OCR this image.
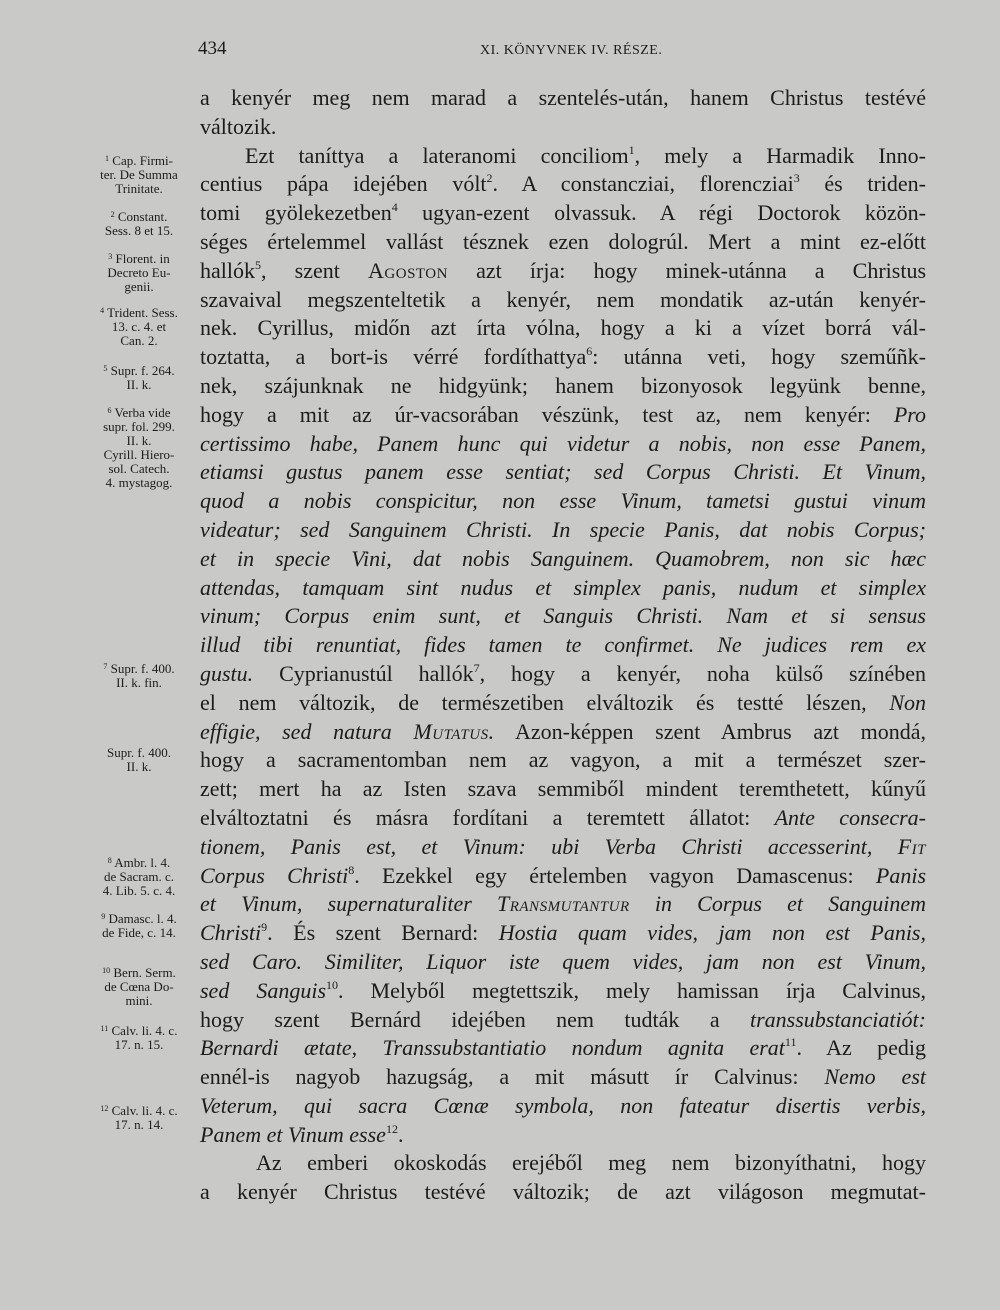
434	XI. KÖNYVNEK IV. RÉSZE.
$^1$ Cap. Firmi-
ter. De Summa
Trinitate.
$^2$ Constant.
Sess. 8 et 15.
$^3$ Florent. in
Decreto Eu-
genii.
$^4$ Trident. Sess.
13. c. 4. et
Can. 2.
$^5$ Supr. f. 264.
II. k.
$^6$ Verba vide
supr. fol. 299.
II. k.
Cyrill. Hiero-
sol. Catech.
4. mystagog.
$^7$ Supr. f. 400.
II. k. fin.
Supr. f. 400.
II. k.
$^8$ Ambr. l. 4.
de Sacram. c.
4. Lib. 5. c. 4.
$^9$ Damasc. l. 4.
de Fide, c. 14.
$^{10}$ Bern. Serm.
de Cœna Do-
mini.
$^{11}$ Calv. li. 4. c.
17. n. 15.
$^{12}$ Calv. li. 4. c.
17. n. 14.
a kenyér meg nem marad a szentelés-után, hanem Christus testévé
változik.
Ezt taníttya a lateranomi conciliom$^1$, mely a Harmadik Inno-
centius pápa idejében vólt$^2$. A constancziai, florencziai$^3$ és triden-
tomi gyölekezetben$^4$ ugyan-ezent olvassuk. A régi Doctorok közön-
séges értelemmel vallást tésznek ezen dologrúl. Mert a mint ez-előtt
hallók$^5$, szent Agoston azt írja: hogy minek-utánna a Christus
szavaival megszenteltetik a kenyér, nem mondatik az-után kenyér-
nek. Cyrillus, midőn azt írta vólna, hogy a ki a vízet borrá vál-
toztatta, a bort-is vérré fordíthattya$^6$: utánna veti, hogy szeműñk-
nek, szájunknak ne hidgyünk; hanem bizonyosok legyünk benne,
hogy a mit az úr-vacsorában vészünk, test az, nem kenyér: Pro
certissimo habe, Panem hunc qui videtur a nobis, non esse Panem,
etiamsi gustus panem esse sentiat; sed Corpus Christi. Et Vinum,
quod a nobis conspicitur, non esse Vinum, tametsi gustui vinum
videatur; sed Sanguinem Christi. In specie Panis, dat nobis Corpus;
et in specie Vini, dat nobis Sanguinem. Quamobrem, non sic hæc
attendas, tamquam sint nudus et simplex panis, nudum et simplex
vinum; Corpus enim sunt, et Sanguis Christi. Nam et si sensus
illud tibi renuntiat, fides tamen te confirmet. Ne judices rem ex
gustu. Cyprianustúl hallók$^7$, hogy a kenyér, noha külső színében
el nem változik, de természetiben elváltozik és testté lészen, Non
effigie, sed natura Mutatus. Azon-képpen szent Ambrus azt mondá,
hogy a sacramentomban nem az vagyon, a mit a természet szer-
zett; mert ha az Isten szava semmiből mindent teremthetett, kűnyű
elváltoztatni és másra fordítani a teremtett állatot: Ante consecra-
tionem, Panis est, et Vinum: ubi Verba Christi accesserint, Fit
Corpus Christi$^8$. Ezekkel egy értelemben vagyon Damascenus: Panis
et Vinum, supernaturaliter Transmutantur in Corpus et Sanguinem
Christi$^9$. És szent Bernard: Hostia quam vides, jam non est Panis,
sed Caro. Similiter, Liquor iste quem vides, jam non est Vinum,
sed Sanguis$^{10}$. Melyből megtettszik, mely hamissan írja Calvinus,
hogy szent Bernárd idejében nem tudták a transsubstanciatiót:
Bernardi ætate, Transsubstantiatio nondum agnita erat$^{11}$. Az pedig
ennél-is nagyob hazugság, a mit másutt ír Calvinus: Nemo est
Veterum, qui sacra Cœnæ symbola, non fateatur disertis verbis,
Panem et Vinum esse$^{12}$.
Az emberi okoskodás erejéből meg nem bizonyíthatni, hogy
a kenyér Christus testévé változik; de azt világoson megmutat-
